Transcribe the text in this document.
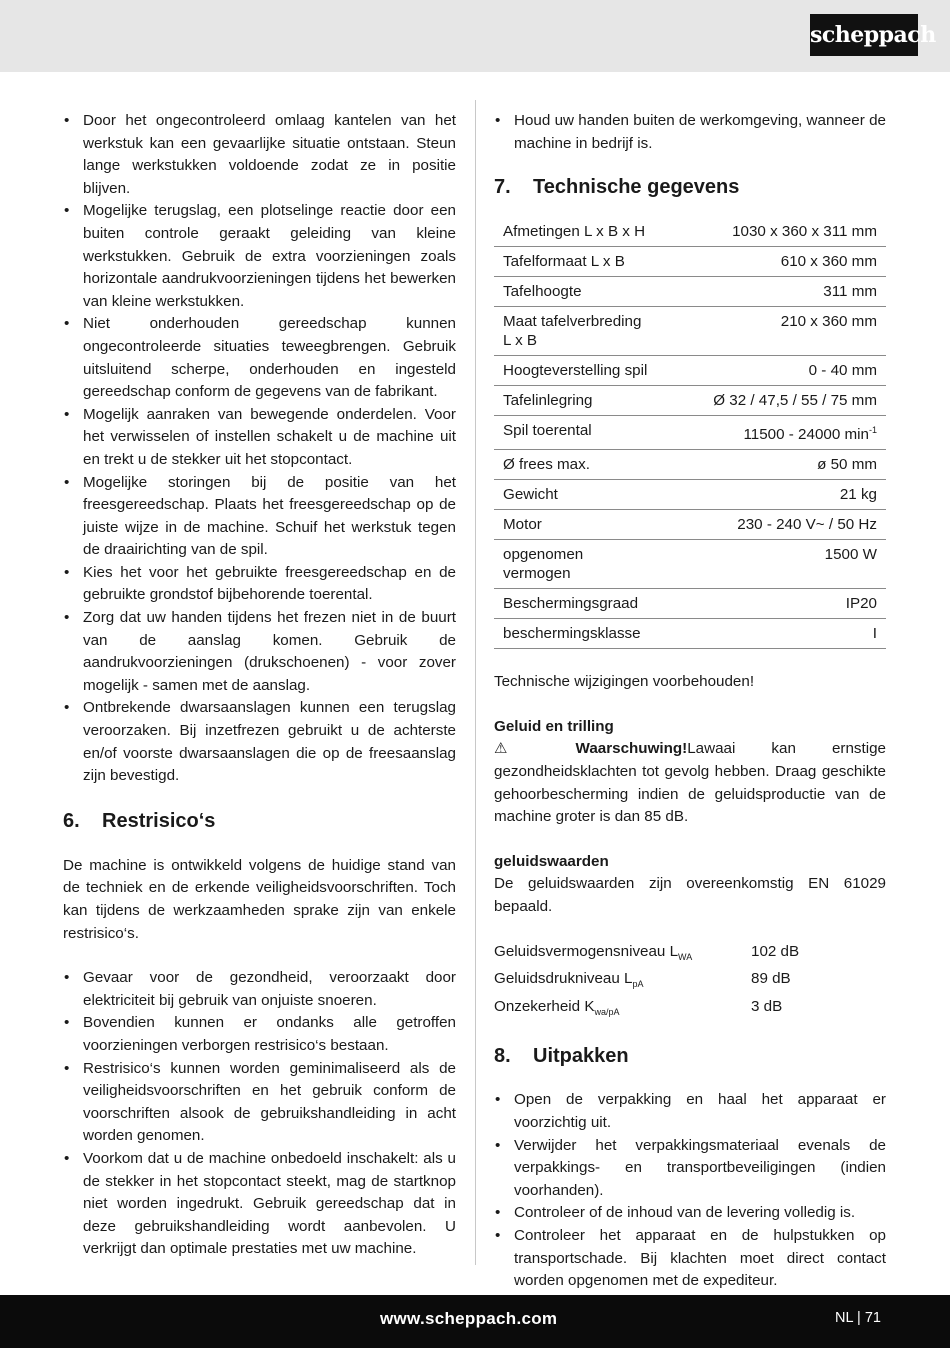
scheppach
• Door het ongecontroleerd omlaag kantelen van het werkstuk kan een gevaarlijke situatie ontstaan. Steun lange werkstukken voldoende zodat ze in positie blijven.
• Mogelijke terugslag, een plotselinge reactie door een buiten controle geraakt geleiding van kleine werkstukken. Gebruik de extra voorzieningen zoals horizontale aandrukvoorzieningen tijdens het bewerken van kleine werkstukken.
• Niet onderhouden gereedschap kunnen ongecontroleerde situaties teweegbrengen. Gebruik uitsluitend scherpe, onderhouden en ingesteld gereedschap conform de gegevens van de fabrikant.
• Mogelijk aanraken van bewegende onderdelen. Voor het verwisselen of instellen schakelt u de machine uit en trekt u de stekker uit het stopcontact.
• Mogelijke storingen bij de positie van het freesgereedschap. Plaats het freesgereedschap op de juiste wijze in de machine. Schuif het werkstuk tegen de draairichting van de spil.
• Kies het voor het gebruikte freesgereedschap en de gebruikte grondstof bijbehorende toerental.
• Zorg dat uw handen tijdens het frezen niet in de buurt van de aanslag komen. Gebruik de aandrukvoorzieningen (drukschoenen) - voor zover mogelijk - samen met de aanslag.
• Ontbrekende dwarsaanslagen kunnen een terugslag veroorzaken. Bij inzetfrezen gebruikt u de achterste en/of voorste dwarsaanslagen die op de freesaanslag zijn bevestigd.
6. Restrisico‘s

De machine is ontwikkeld volgens de huidige stand van de techniek en de erkende veiligheidsvoorschriften. Toch kan tijdens de werkzaamheden sprake zijn van enkele restrisico‘s.

• Gevaar voor de gezondheid, veroorzaakt door elektriciteit bij gebruik van onjuiste snoeren.
• Bovendien kunnen er ondanks alle getroffen voorzieningen verborgen restrisico‘s bestaan.
• Restrisico‘s kunnen worden geminimaliseerd als de veiligheidsvoorschriften en het gebruik conform de voorschriften alsook de gebruikshandleiding in acht worden genomen.
• Voorkom dat u de machine onbedoeld inschakelt: als u de stekker in het stopcontact steekt, mag de startknop niet worden ingedrukt. Gebruik gereedschap dat in deze gebruikshandleiding wordt aanbevolen. U verkrijgt dan optimale prestaties met uw machine.
• Houd uw handen buiten de werkomgeving, wanneer de machine in bedrijf is.
7. Technische gegevens
Afmetingen L x B x H	1030 x 360 x 311 mm
Tafelformaat L x B	610 x 360 mm
Tafelhoogte	311 mm
Maat tafelverbreding L x B	210 x 360 mm
Hoogteverstelling spil	0 - 40 mm
Tafelinlegring	Ø 32 / 47,5 / 55 / 75 mm
Spil toerental	11500 - 24000 $\min^{-1}$
Ø frees max.	ø 50 mm
Gewicht	21 kg
Motor	230 - 240 V~ / 50 Hz
opgenomen vermogen	1500 W
Beschermingsgraad	IP20
beschermingsklasse	I

Technische wijzigingen voorbehouden!

Geluid en trilling

⚠ Waarschuwing!Lawaai kan ernstige gezondheidsklachten tot gevolg hebben. Draag geschikte gehoorbescherming indien de geluidsproductie van de machine groter is dan 85 dB.

geluidswaarden

De geluidswaarden zijn overeenkomstig EN 61029 bepaald.

Geluidsvermogensniveau $L_{WA}$	102 dB
Geluidsdrukniveau $L_{pA}$	89 dB
Onzekerheid $K_{wa/pA}$	3 dB
8. Uitpakken
• Open de verpakking en haal het apparaat er voorzichtig uit.
• Verwijder het verpakkingsmateriaal evenals de verpakkings- en transportbeveiligingen (indien voorhanden).
• Controleer of de inhoud van de levering volledig is.
• Controleer het apparaat en de hulpstukken op transportschade. Bij klachten moet direct contact worden opgenomen met de expediteur.
www.scheppach.com	NL | 71
